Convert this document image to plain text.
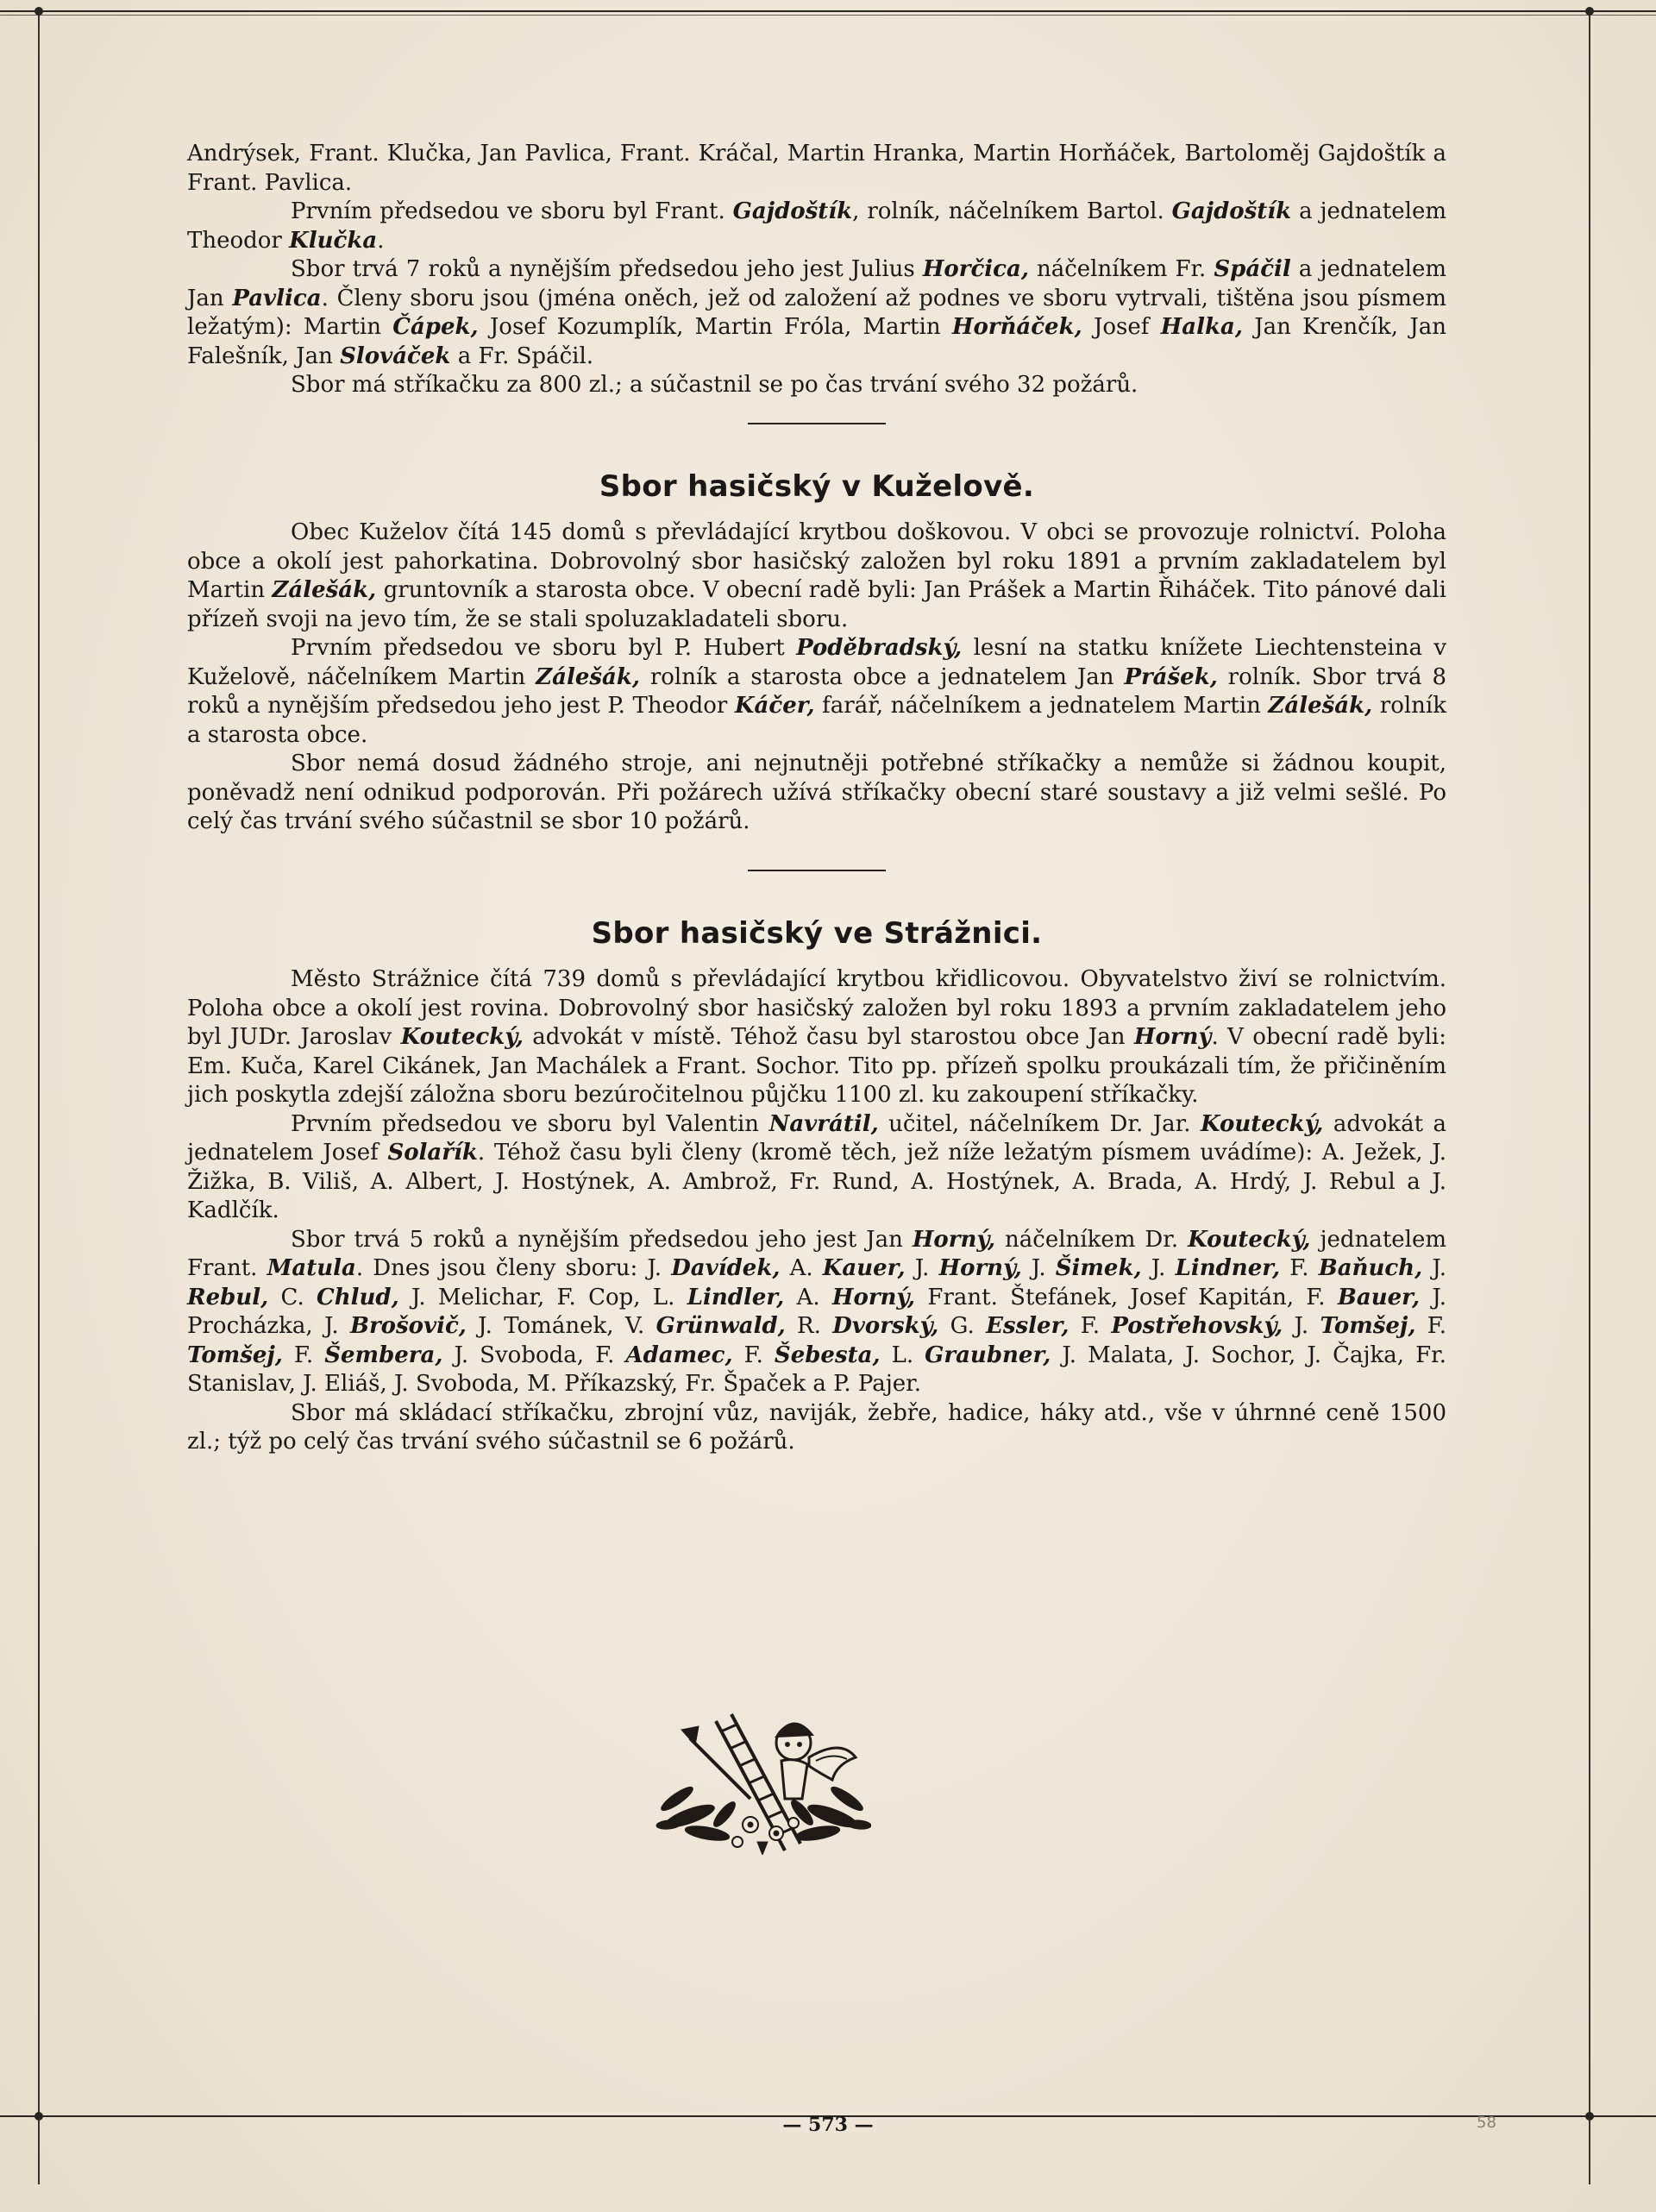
Andrýsek, Frant. Klučka, Jan Pavlica, Frant. Kráčal, Martin Hranka, Martin Horňáček, Bartoloměj Gajdoštík a Frant. Pavlica.

Prvním předsedou ve sboru byl Frant. Gajdoštík, rolník, náčelníkem Bartol. Gajdoštík a jednatelem Theodor Klučka.

Sbor trvá 7 roků a nynějším předsedou jeho jest Julius Horčica, náčelníkem Fr. Spáčil a jednatelem Jan Pavlica. Členy sboru jsou (jména oněch, jež od založení až podnes ve sboru vytrvali, tištěna jsou písmem ležatým): Martin Čápek, Josef Kozumplík, Martin Fróla, Martin Horňáček, Josef Halka, Jan Krenčík, Jan Falešník, Jan Slováček a Fr. Spáčil.

Sbor má stříkačku za 800 zl.; a súčastnil se po čas trvání svého 32 požárů.

Sbor hasičský v Kuželově.

Obec Kuželov čítá 145 domů s převládající krytbou doškovou. V obci se provozuje rolnictví. Poloha obce a okolí jest pahorkatina. Dobrovolný sbor hasičský založen byl roku 1891 a prvním zakladatelem byl Martin Zálešák, gruntovník a starosta obce. V obecní radě byli: Jan Prášek a Martin Řiháček. Tito pánové dali přízeň svoji na jevo tím, že se stali spoluzakladateli sboru.

Prvním předsedou ve sboru byl P. Hubert Poděbradský, lesní na statku knížete Liechtensteina v Kuželově, náčelníkem Martin Zálešák, rolník a starosta obce a jednatelem Jan Prášek, rolník. Sbor trvá 8 roků a nynějším předsedou jeho jest P. Theodor Káčer, farář, náčelníkem a jednatelem Martin Zálešák, rolník a starosta obce.

Sbor nemá dosud žádného stroje, ani nejnutněji potřebné stříkačky a nemůže si žádnou koupit, poněvadž není odnikud podporován. Při požárech užívá stříkačky obecní staré soustavy a již velmi sešlé. Po celý čas trvání svého súčastnil se sbor 10 požárů.

Sbor hasičský ve Strážnici.

Město Strážnice čítá 739 domů s převládající krytbou křidlicovou. Obyvatelstvo živí se rolnictvím. Poloha obce a okolí jest rovina. Dobrovolný sbor hasičský založen byl roku 1893 a prvním zakladatelem jeho byl JUDr. Jaroslav Koutecký, advokát v místě. Téhož času byl starostou obce Jan Horný. V obecní radě byli: Em. Kuča, Karel Cikánek, Jan Machálek a Frant. Sochor. Tito pp. přízeň spolku proukázali tím, že přičiněním jich poskytla zdejší záložna sboru bezúročitelnou půjčku 1100 zl. ku zakoupení stříkačky.

Prvním předsedou ve sboru byl Valentin Navrátil, učitel, náčelníkem Dr. Jar. Koutecký, advokát a jednatelem Josef Solařík. Téhož času byli členy (kromě těch, jež níže ležatým písmem uvádíme): A. Ježek, J. Žižka, B. Viliš, A. Albert, J. Hostýnek, A. Ambrož, Fr. Rund, A. Hostýnek, A. Brada, A. Hrdý, J. Rebul a J. Kadlčík.

Sbor trvá 5 roků a nynějším předsedou jeho jest Jan Horný, náčelníkem Dr. Koutecký, jednatelem Frant. Matula. Dnes jsou členy sboru: J. Davídek, A. Kauer, J. Horný, J. Šimek, J. Lindner, F. Baňuch, J. Rebul, C. Chlud, J. Melichar, F. Cop, L. Lindler, A. Horný, Frant. Štefánek, Josef Kapitán, F. Bauer, J. Procházka, J. Brošovič, J. Tománek, V. Grünwald, R. Dvorský, G. Essler, F. Postřehovský, J. Tomšej, F. Tomšej, F. Šembera, J. Svoboda, F. Adamec, F. Šebesta, L. Graubner, J. Malata, J. Sochor, J. Čajka, Fr. Stanislav, J. Eliáš, J. Svoboda, M. Příkazský, Fr. Špaček a P. Pajer.

Sbor má skládací stříkačku, zbrojní vůz, naviják, žebře, hadice, háky atd., vše v úhrnné ceně 1500 zl.; týž po celý čas trvání svého súčastnil se 6 požárů.

— 573 —	58
